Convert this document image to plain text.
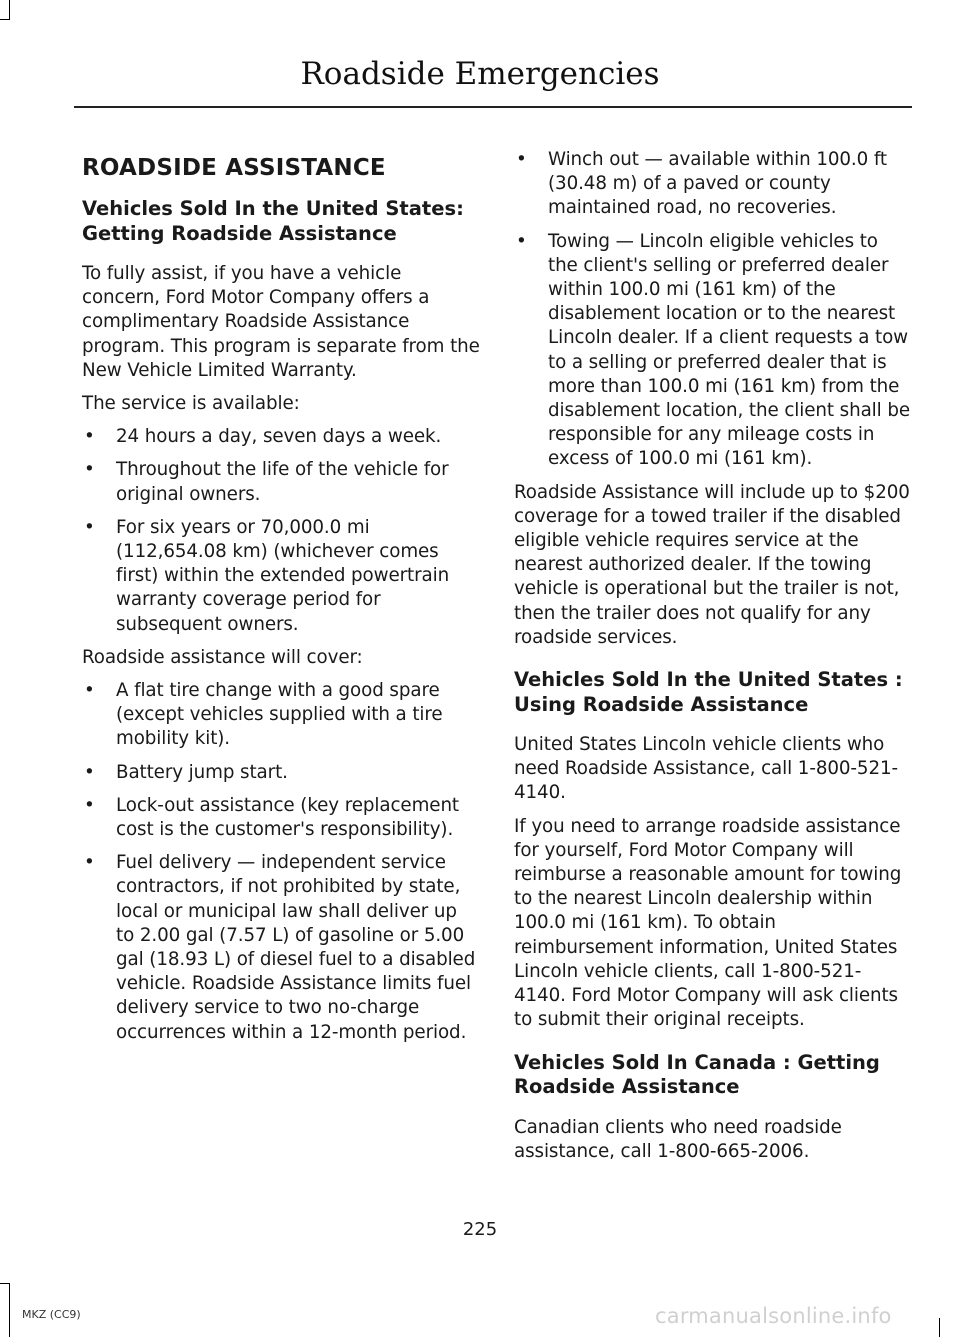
Roadside Emergencies
ROADSIDE ASSISTANCE
Vehicles Sold In the United States: Getting Roadside Assistance

To fully assist, if you have a vehicle concern, Ford Motor Company offers a complimentary Roadside Assistance program. This program is separate from the New Vehicle Limited Warranty.

The service is available:

• 24 hours a day, seven days a week.

• Throughout the life of the vehicle for original owners.

• For six years or 70,000.0 mi (112,654.08 km) (whichever comes first) within the extended powertrain warranty coverage period for subsequent owners.

Roadside assistance will cover:

• A flat tire change with a good spare (except vehicles supplied with a tire mobility kit).

• Battery jump start.

• Lock-out assistance (key replacement cost is the customer's responsibility).

• Fuel delivery — independent service contractors, if not prohibited by state, local or municipal law shall deliver up to 2.00 gal (7.57 L) of gasoline or 5.00 gal (18.93 L) of diesel fuel to a disabled vehicle. Roadside Assistance limits fuel delivery service to two no-charge occurrences within a 12-month period.

• Winch out — available within 100.0 ft (30.48 m) of a paved or county maintained road, no recoveries.

• Towing — Lincoln eligible vehicles to the client's selling or preferred dealer within 100.0 mi (161 km) of the disablement location or to the nearest Lincoln dealer. If a client requests a tow to a selling or preferred dealer that is more than 100.0 mi (161 km) from the disablement location, the client shall be responsible for any mileage costs in excess of 100.0 mi (161 km).

Roadside Assistance will include up to $200 coverage for a towed trailer if the disabled eligible vehicle requires service at the nearest authorized dealer. If the towing vehicle is operational but the trailer is not, then the trailer does not qualify for any roadside services.

Vehicles Sold In the United States : Using Roadside Assistance

United States Lincoln vehicle clients who need Roadside Assistance, call 1-800-521-4140.

If you need to arrange roadside assistance for yourself, Ford Motor Company will reimburse a reasonable amount for towing to the nearest Lincoln dealership within 100.0 mi (161 km). To obtain reimbursement information, United States Lincoln vehicle clients, call 1-800-521-4140. Ford Motor Company will ask clients to submit their original receipts.

Vehicles Sold In Canada : Getting Roadside Assistance

Canadian clients who need roadside assistance, call 1-800-665-2006.

225
MKZ (CC9)	carmanualsonline.info
